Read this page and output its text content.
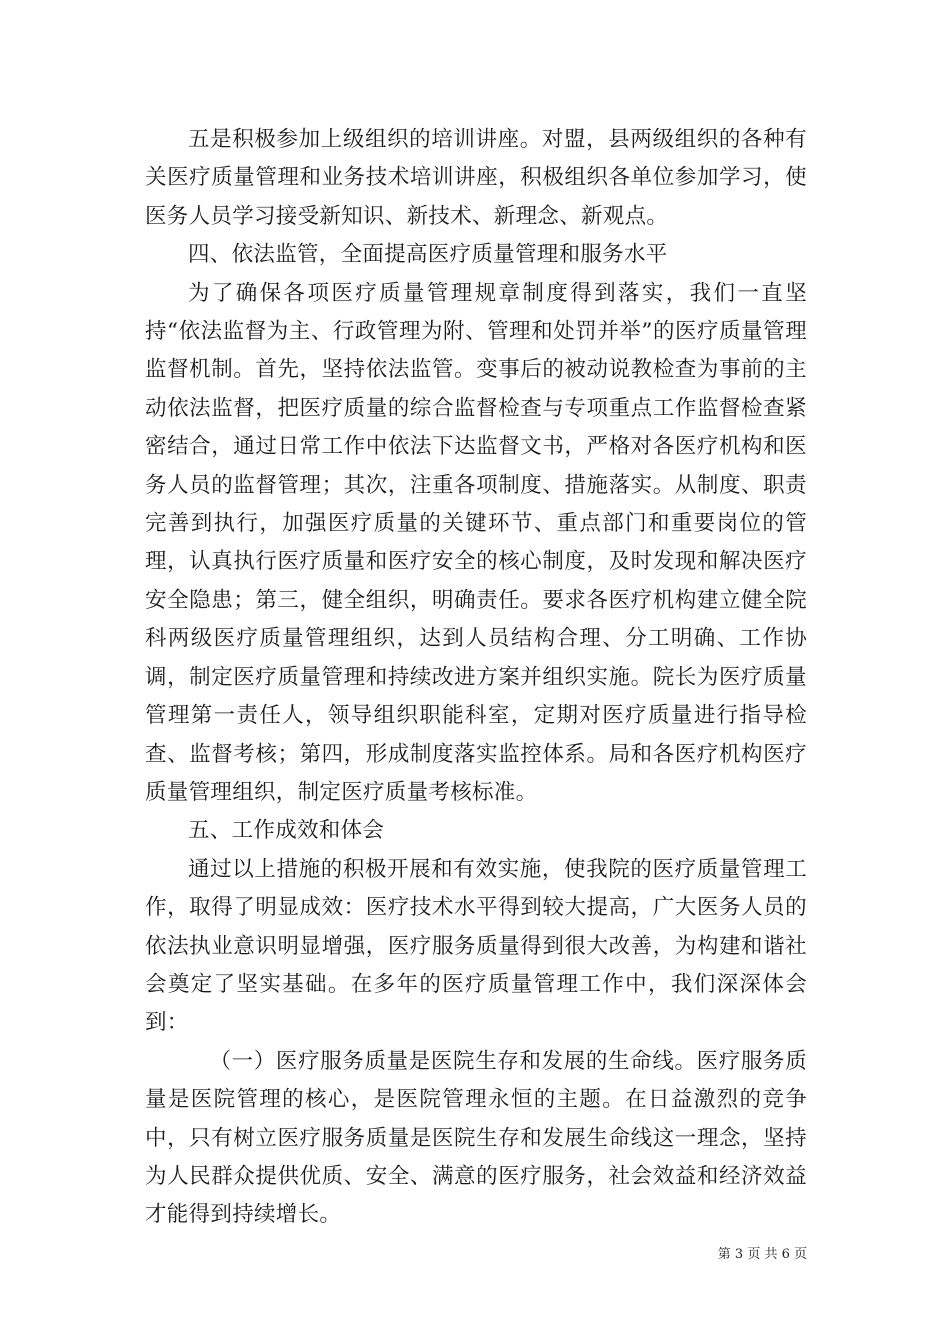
五是积极参加上级组织的培训讲座。对盟，县两级组织的各种有关医疗质量管理和业务技术培训讲座，积极组织各单位参加学习，使医务人员学习接受新知识、新技术、新理念、新观点。

四、依法监管，全面提高医疗质量管理和服务水平

为了确保各项医疗质量管理规章制度得到落实，我们一直坚持“依法监督为主、行政管理为附、管理和处罚并举”的医疗质量管理监督机制。首先，坚持依法监管。变事后的被动说教检查为事前的主动依法监督，把医疗质量的综合监督检查与专项重点工作监督检查紧密结合，通过日常工作中依法下达监督文书，严格对各医疗机构和医务人员的监督管理；其次，注重各项制度、措施落实。从制度、职责完善到执行，加强医疗质量的关键环节、重点部门和重要岗位的管理，认真执行医疗质量和医疗安全的核心制度，及时发现和解决医疗安全隐患；第三，健全组织，明确责任。要求各医疗机构建立健全院科两级医疗质量管理组织，达到人员结构合理、分工明确、工作协调，制定医疗质量管理和持续改进方案并组织实施。院长为医疗质量管理第一责任人，领导组织职能科室，定期对医疗质量进行指导检查、监督考核；第四，形成制度落实监控体系。局和各医疗机构医疗质量管理组织，制定医疗质量考核标准。

五、工作成效和体会

通过以上措施的积极开展和有效实施，使我院的医疗质量管理工作，取得了明显成效：医疗技术水平得到较大提高，广大医务人员的依法执业意识明显增强，医疗服务质量得到很大改善，为构建和谐社会奠定了坚实基础。在多年的医疗质量管理工作中，我们深深体会到：

（一）医疗服务质量是医院生存和发展的生命线。医疗服务质量是医院管理的核心，是医院管理永恒的主题。在日益激烈的竞争中，只有树立医疗服务质量是医院生存和发展生命线这一理念，坚持为人民群众提供优质、安全、满意的医疗服务，社会效益和经济效益才能得到持续增长。

第 3 页 共 6 页
